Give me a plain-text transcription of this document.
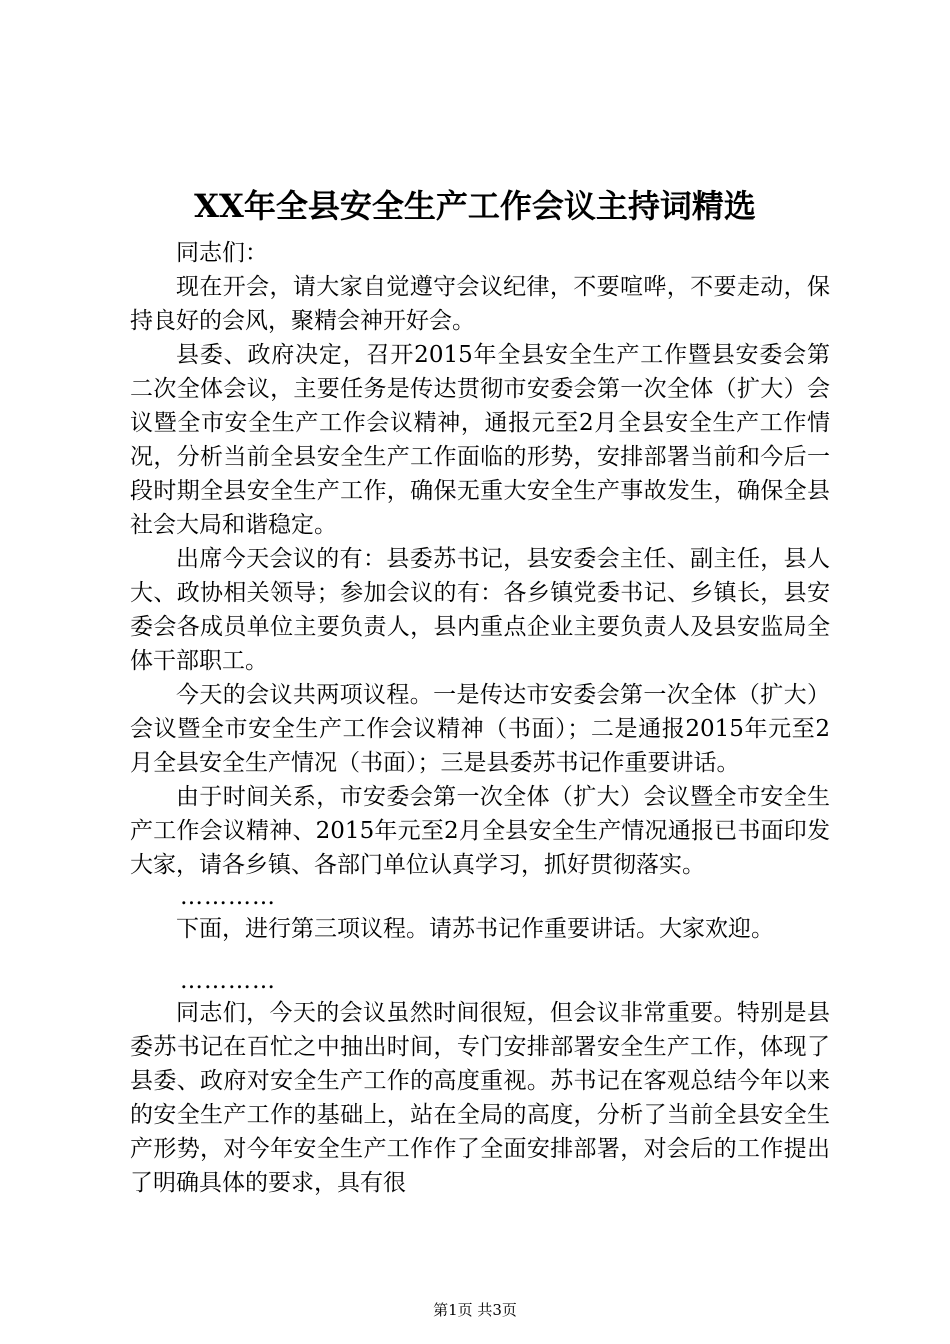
XX年全县安全生产工作会议主持词精选

同志们：

现在开会，请大家自觉遵守会议纪律，不要喧哗，不要走动，保持良好的会风，聚精会神开好会。

县委、政府决定，召开2015年全县安全生产工作暨县安委会第二次全体会议，主要任务是传达贯彻市安委会第一次全体（扩大）会议暨全市安全生产工作会议精神，通报元至2月全县安全生产工作情况，分析当前全县安全生产工作面临的形势，安排部署当前和今后一段时期全县安全生产工作，确保无重大安全生产事故发生，确保全县社会大局和谐稳定。

出席今天会议的有：县委苏书记，县安委会主任、副主任，县人大、政协相关领导；参加会议的有：各乡镇党委书记、乡镇长，县安委会各成员单位主要负责人，县内重点企业主要负责人及县安监局全体干部职工。

今天的会议共两项议程。一是传达市安委会第一次全体（扩大）会议暨全市安全生产工作会议精神（书面）；二是通报2015年元至2月全县安全生产情况（书面）；三是县委苏书记作重要讲话。

由于时间关系，市安委会第一次全体（扩大）会议暨全市安全生产工作会议精神、2015年元至2月全县安全生产情况通报已书面印发大家，请各乡镇、各部门单位认真学习，抓好贯彻落实。

…………

下面，进行第三项议程。请苏书记作重要讲话。大家欢迎。

…………

同志们，今天的会议虽然时间很短，但会议非常重要。特别是县委苏书记在百忙之中抽出时间，专门安排部署安全生产工作，体现了县委、政府对安全生产工作的高度重视。苏书记在客观总结今年以来的安全生产工作的基础上，站在全局的高度，分析了当前全县安全生产形势，对今年安全生产工作作了全面安排部署，对会后的工作提出了明确具体的要求，具有很

第1页 共3页
